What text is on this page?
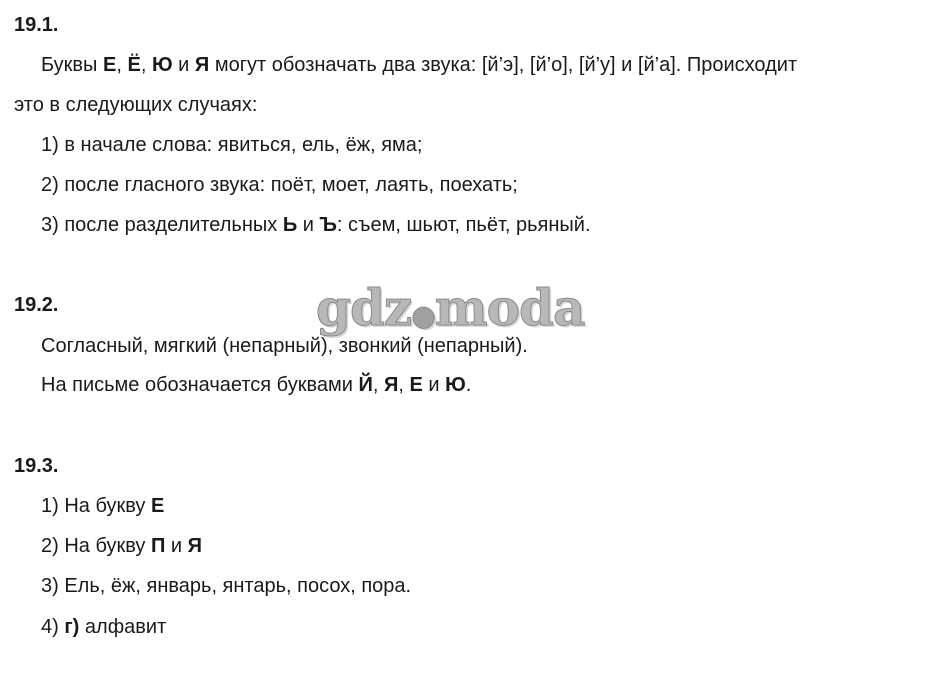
19.1.
Буквы Е, Ё, Ю и Я могут обозначать два звука: [й’э], [й’о], [й’у] и [й’а]. Происходит
это в следующих случаях:
1) в начале слова: явиться, ель, ёж, яма;
2) после гласного звука: поёт, моет, лаять, поехать;
3) после разделительных Ь и Ъ: съем, шьют, пьёт, рьяный.
gdz●moda
19.2.
Согласный, мягкий (непарный), звонкий (непарный).
На письме обозначается буквами Й, Я, Е и Ю.
19.3.
1) На букву Е
2) На букву П и Я
3) Ель, ёж, январь, янтарь, посох, пора.
4) г) алфавит
